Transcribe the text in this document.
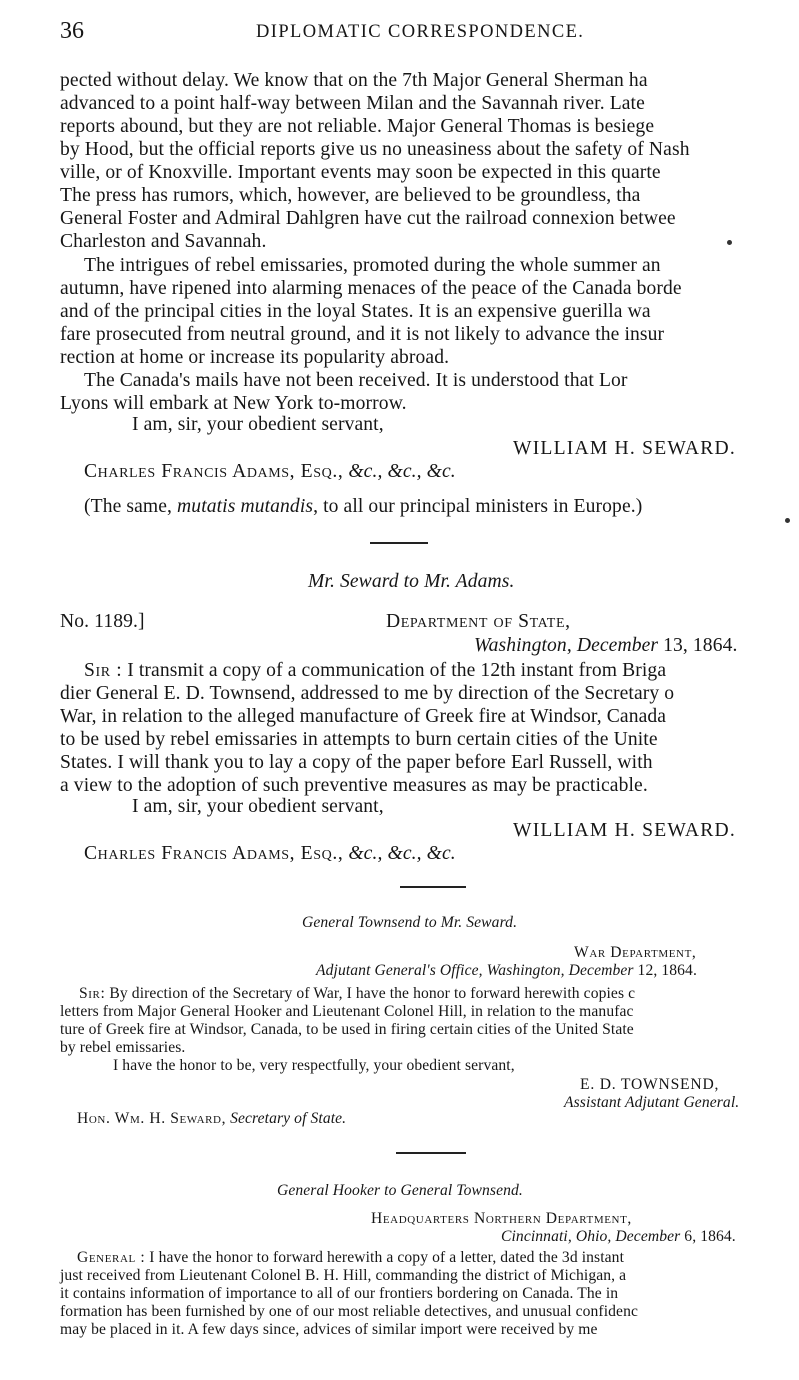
36	DIPLOMATIC CORRESPONDENCE.
pected without delay. We know that on the 7th Major General Sherman ha
advanced to a point half-way between Milan and the Savannah river. Late
reports abound, but they are not reliable. Major General Thomas is besiege
by Hood, but the official reports give us no uneasiness about the safety of Nash
ville, or of Knoxville. Important events may soon be expected in this quarte
The press has rumors, which, however, are believed to be groundless, tha
General Foster and Admiral Dahlgren have cut the railroad connexion betwee
Charleston and Savannah.
The intrigues of rebel emissaries, promoted during the whole summer an
autumn, have ripened into alarming menaces of the peace of the Canada borde
and of the principal cities in the loyal States. It is an expensive guerilla wa
fare prosecuted from neutral ground, and it is not likely to advance the insur
rection at home or increase its popularity abroad.
The Canada's mails have not been received. It is understood that Lor
Lyons will embark at New York to-morrow.
I am, sir, your obedient servant,
WILLIAM H. SEWARD.
Charles Francis Adams, Esq., &c., &c., &c.
(The same, mutatis mutandis, to all our principal ministers in Europe.)
Mr. Seward to Mr. Adams.
No. 1189.]	Department of State,
Washington, December 13, 1864.
Sir : I transmit a copy of a communication of the 12th instant from Briga
dier General E. D. Townsend, addressed to me by direction of the Secretary o
War, in relation to the alleged manufacture of Greek fire at Windsor, Canada
to be used by rebel emissaries in attempts to burn certain cities of the Unite
States. I will thank you to lay a copy of the paper before Earl Russell, with
a view to the adoption of such preventive measures as may be practicable.
I am, sir, your obedient servant,
WILLIAM H. SEWARD.
Charles Francis Adams, Esq., &c., &c., &c.
General Townsend to Mr. Seward.
War Department,
Adjutant General's Office, Washington, December 12, 1864.
Sir: By direction of the Secretary of War, I have the honor to forward herewith copies c
letters from Major General Hooker and Lieutenant Colonel Hill, in relation to the manufac
ture of Greek fire at Windsor, Canada, to be used in firing certain cities of the United State
by rebel emissaries.
I have the honor to be, very respectfully, your obedient servant,
E. D. TOWNSEND,
Assistant Adjutant General.
Hon. Wm. H. Seward, Secretary of State.
General Hooker to General Townsend.
Headquarters Northern Department,
Cincinnati, Ohio, December 6, 1864.
General : I have the honor to forward herewith a copy of a letter, dated the 3d instant
just received from Lieutenant Colonel B. H. Hill, commanding the district of Michigan, a
it contains information of importance to all of our frontiers bordering on Canada. The in
formation has been furnished by one of our most reliable detectives, and unusual confidenc
may be placed in it. A few days since, advices of similar import were received by me
